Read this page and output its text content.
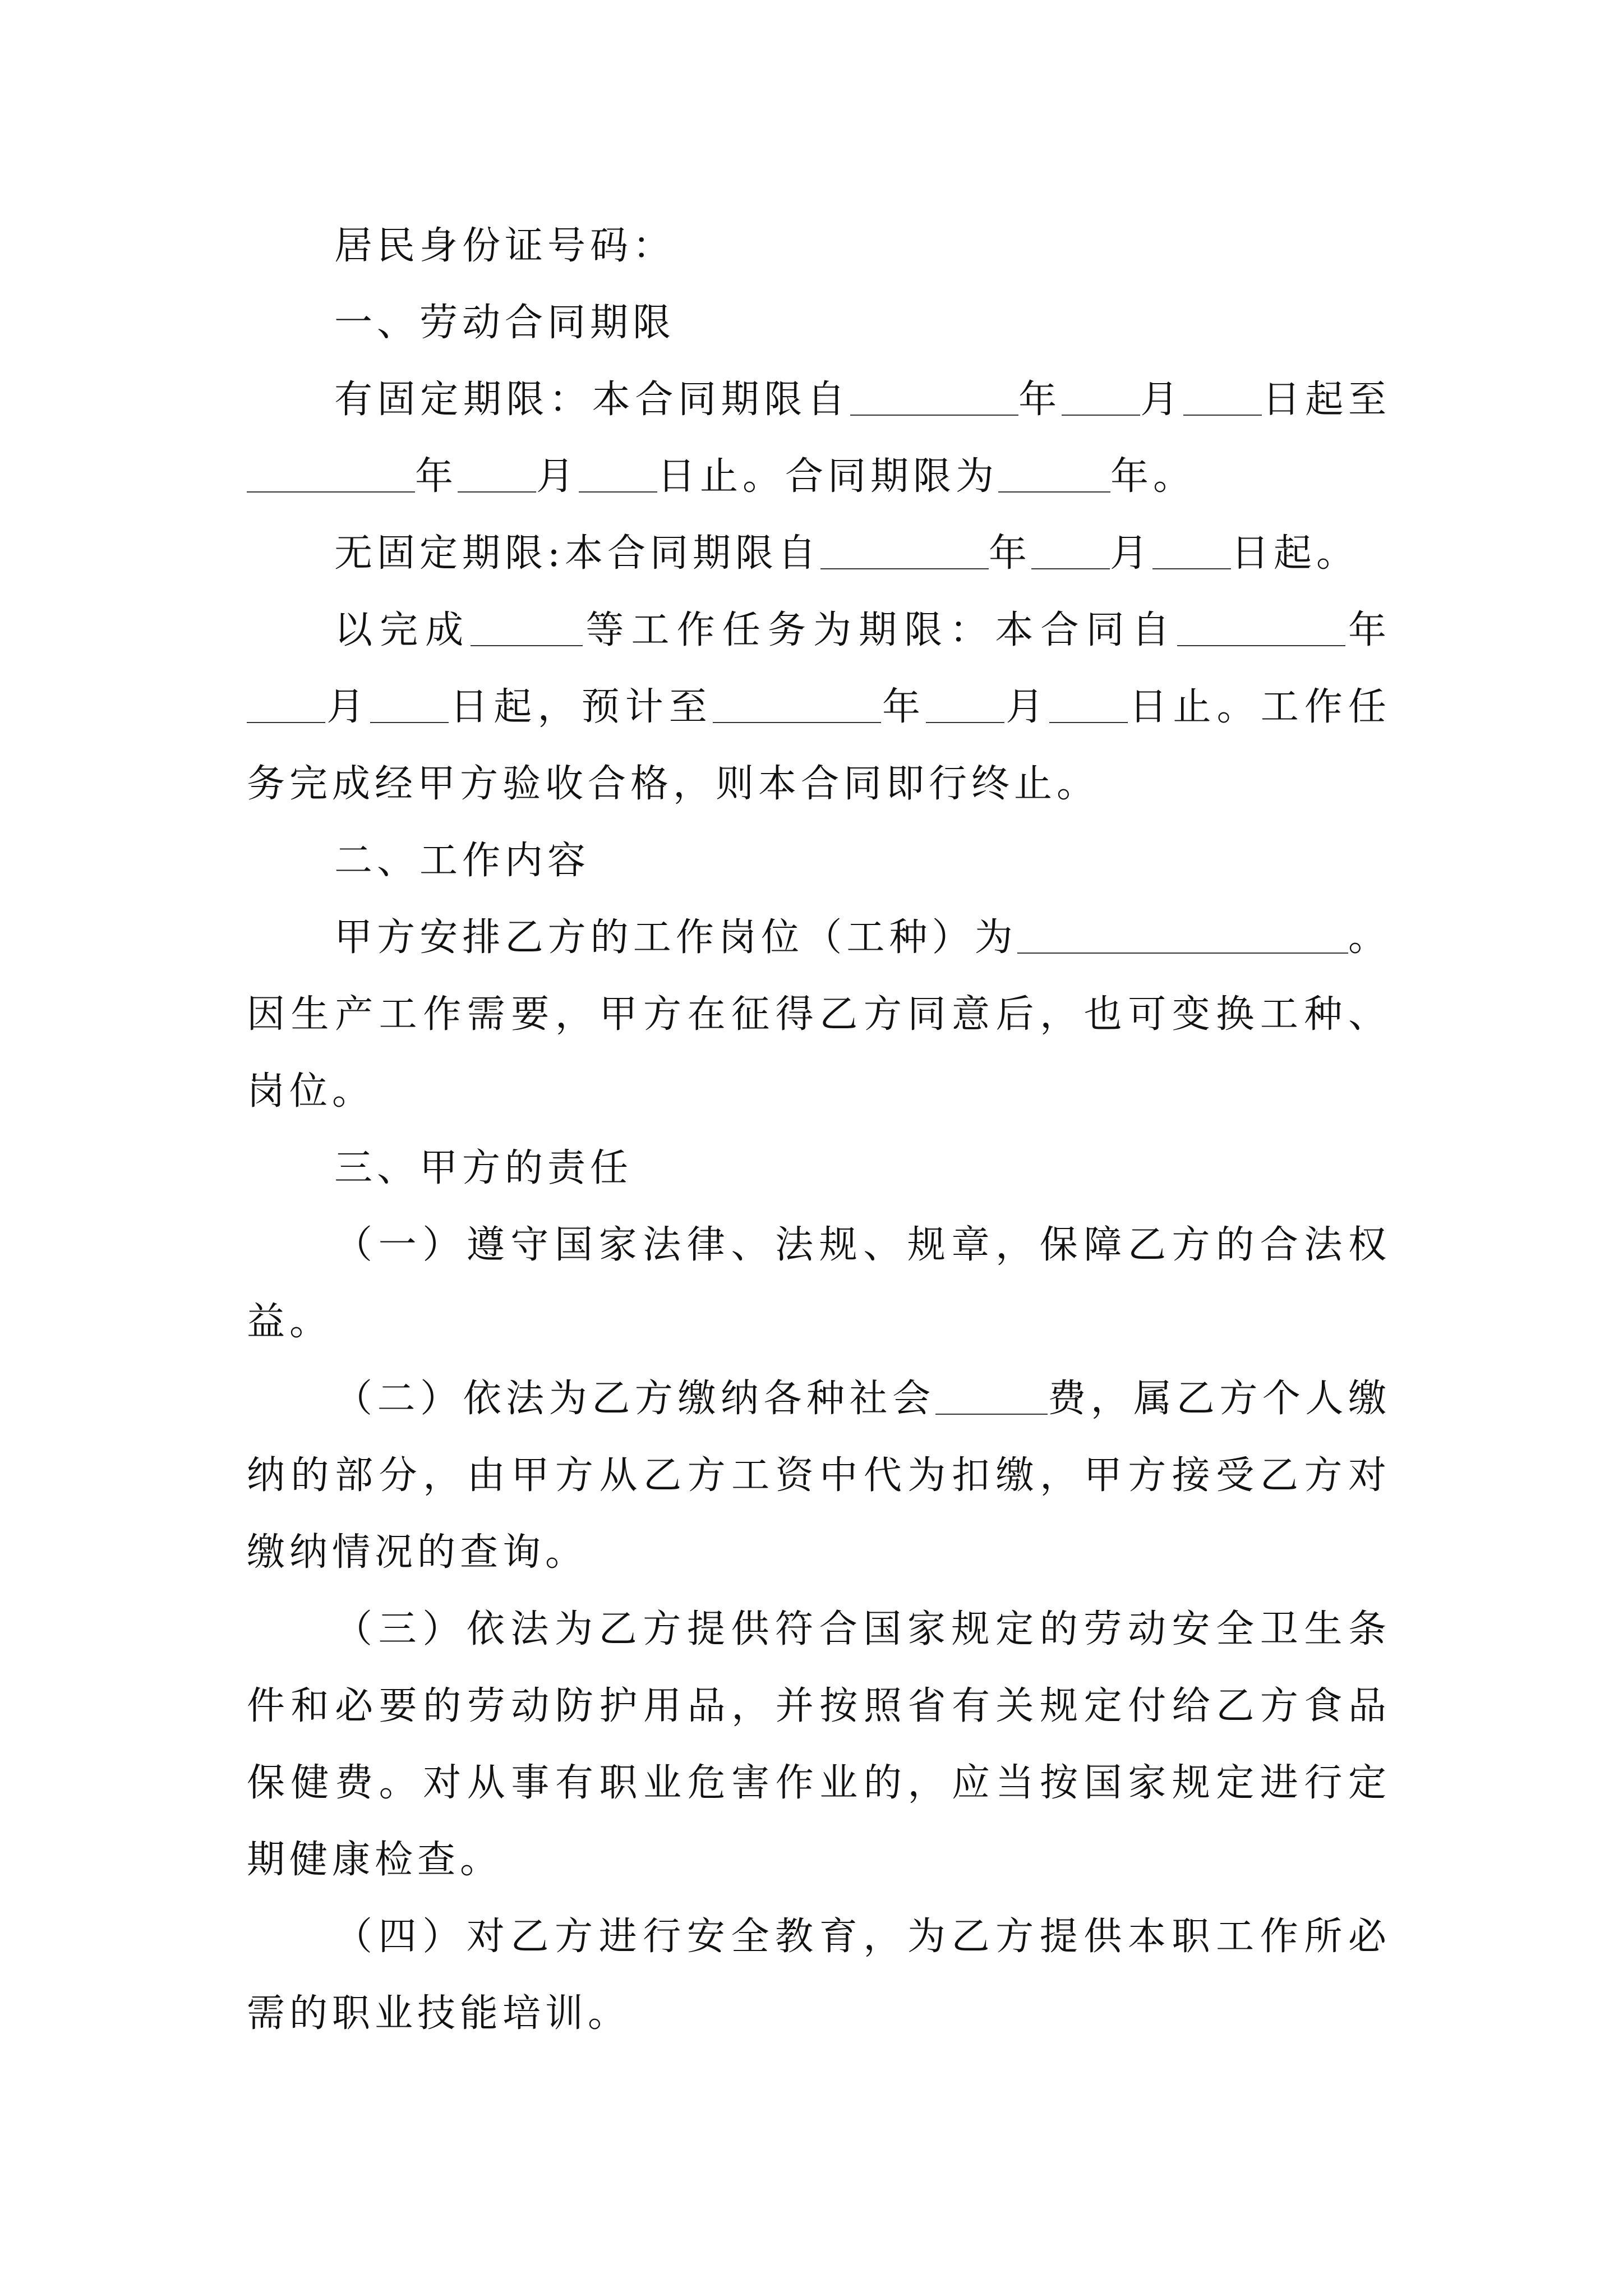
居民身份证号码：

一、劳动合同期限

有固定期限：本合同期限自	年 月 日起至年 月 日止。合同期限为	年。

无固定期限:本合同期限自	年 月 日起。

以完成	等工作任务为期限：本合同自	年月 日起，预计至	年 月 日止。工作任务完成经甲方验收合格，则本合同即行终止。

二、工作内容

甲方安排乙方的工作岗位（工种）为	。因生产工作需要，甲方在征得乙方同意后，也可变换工种、岗位。

三、甲方的责任

（一）遵守国家法律、法规、规章，保障乙方的合法权益。

（二）依法为乙方缴纳各种社会	费，属乙方个人缴纳的部分，由甲方从乙方工资中代为扣缴，甲方接受乙方对缴纳情况的查询。

（三）依法为乙方提供符合国家规定的劳动安全卫生条件和必要的劳动防护用品，并按照省有关规定付给乙方食品保健费。对从事有职业危害作业的，应当按国家规定进行定期健康检查。

（四）对乙方进行安全教育，为乙方提供本职工作所必需的职业技能培训。
